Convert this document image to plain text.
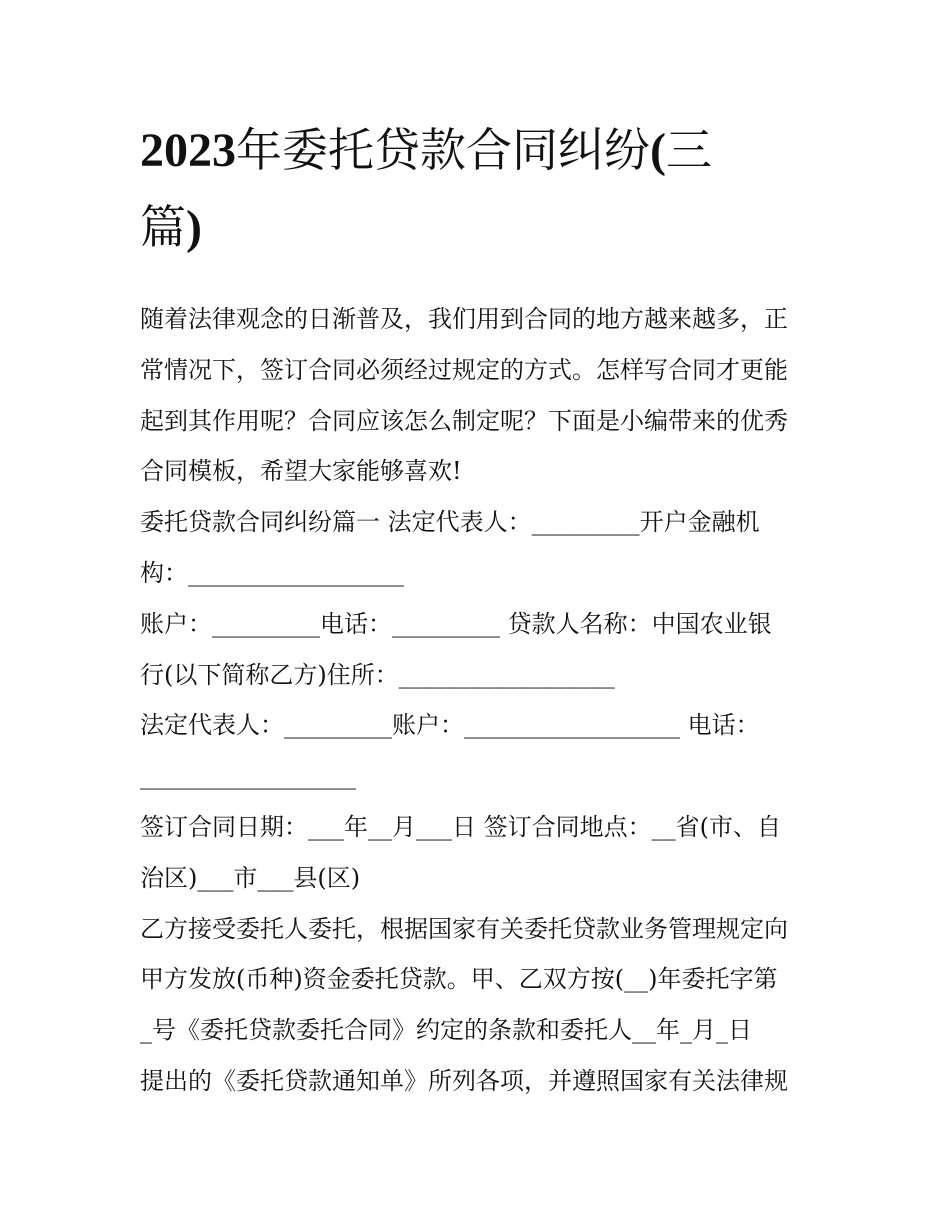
2023年委托贷款合同纠纷(三
篇)

随着法律观念的日渐普及，我们用到合同的地方越来越多，正

常情况下，签订合同必须经过规定的方式。怎样写合同才更能

起到其作用呢？合同应该怎么制定呢？下面是小编带来的优秀

合同模板，希望大家能够喜欢!

委托贷款合同纠纷篇一 法定代表人：_________开户金融机

构：__________________

账户：_________电话：_________ 贷款人名称：中国农业银

行(以下简称乙方)住所：__________________

法定代表人：_________账户：__________________ 电话：

__________________

签订合同日期：___年__月___日 签订合同地点：__省(市、自

治区)___市___县(区)

乙方接受委托人委托，根据国家有关委托贷款业务管理规定向

甲方发放(币种)资金委托贷款。甲、乙双方按(__)年委托字第

_号《委托贷款委托合同》约定的条款和委托人__年_月_日

提出的《委托贷款通知单》所列各项，并遵照国家有关法律规
